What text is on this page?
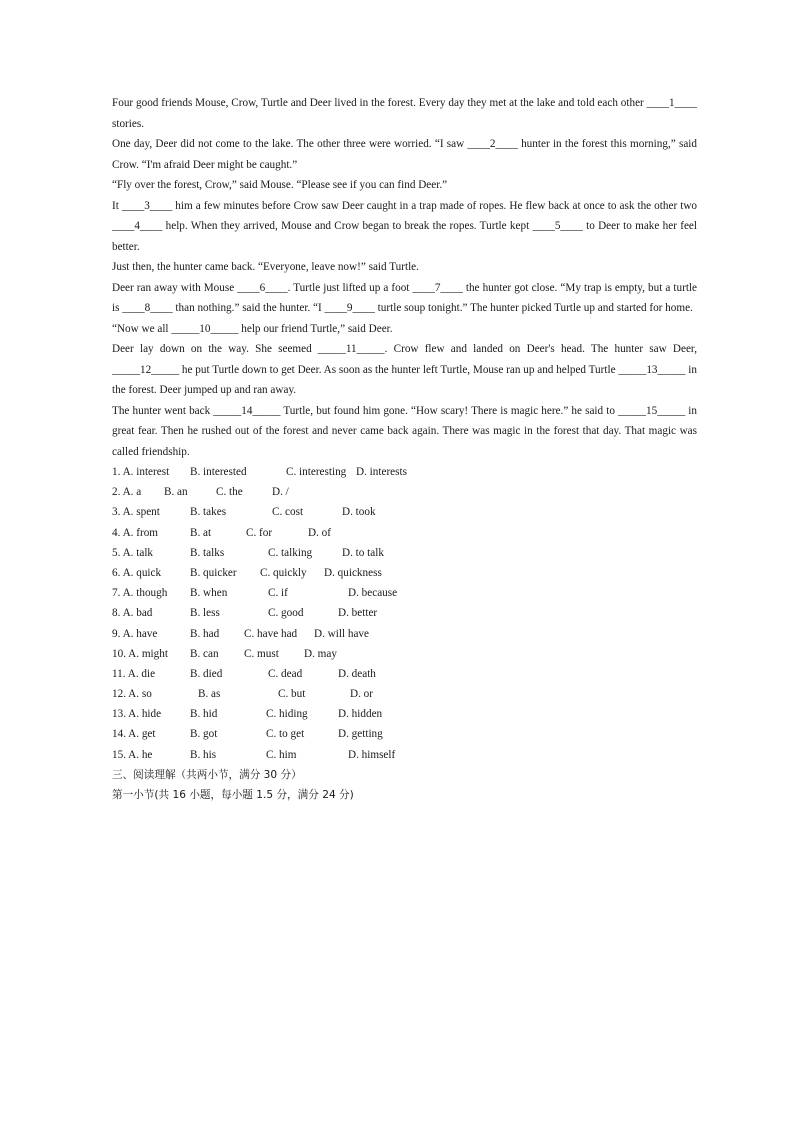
Four good friends Mouse, Crow, Turtle and Deer lived in the forest. Every day they met at the lake and told each other ____1____ stories.

One day, Deer did not come to the lake. The other three were worried. “I saw ____2____ hunter in the forest this morning,” said Crow. “I'm afraid Deer might be caught.”

“Fly over the forest, Crow,” said Mouse. “Please see if you can find Deer.”

It ____3____ him a few minutes before Crow saw Deer caught in a trap made of ropes. He flew back at once to ask the other two ____4____ help. When they arrived, Mouse and Crow began to break the ropes. Turtle kept ____5____ to Deer to make her feel better.

Just then, the hunter came back. “Everyone, leave now!” said Turtle.

Deer ran away with Mouse ____6____. Turtle just lifted up a foot ____7____ the hunter got close. “My trap is empty, but a turtle is ____8____ than nothing.” said the hunter. “I ____9____ turtle soup tonight.” The hunter picked Turtle up and started for home.

“Now we all _____10_____ help our friend Turtle,” said Deer.

Deer lay down on the way. She seemed _____11_____. Crow flew and landed on Deer's head. The hunter saw Deer, _____12_____ he put Turtle down to get Deer. As soon as the hunter left Turtle, Mouse ran up and helped Turtle _____13_____ in the forest. Deer jumped up and ran away.

The hunter went back _____14_____ Turtle, but found him gone. “How scary! There is magic here.” he said to _____15_____ in great fear. Then he rushed out of the forest and never came back again. There was magic in the forest that day. That magic was called friendship.

1. A. interest B. interested	C. interesting D. interests
2. A. a B. an	C. the	D. /
3. A. spent	B. takes	C. cost	D. took
4. A. from	B. at	C. for	D. of
5. A. talk	B. talks	C. talking	D. to talk
6. A. quick	B. quicker C. quickly D. quickness
7. A. though B. when	C. if	D. because
8. A. bad	B. less	C. good	D. better
9. A. have	B. had C. have had D. will have
10. A. might B. can C. must D. may
11. A. die	B. died	C. dead	D. death
12. A. so	B. as	C. but	D. or
13. A. hide	B. hid	C. hiding	D. hidden
14. A. get	B. got	C. to get	D. getting
15. A. he	B. his	C. him	D. himself

三、阅读理解（共两小节，满分 30 分）

第一小节(共 16 小题，每小题 1.5 分，满分 24 分)
